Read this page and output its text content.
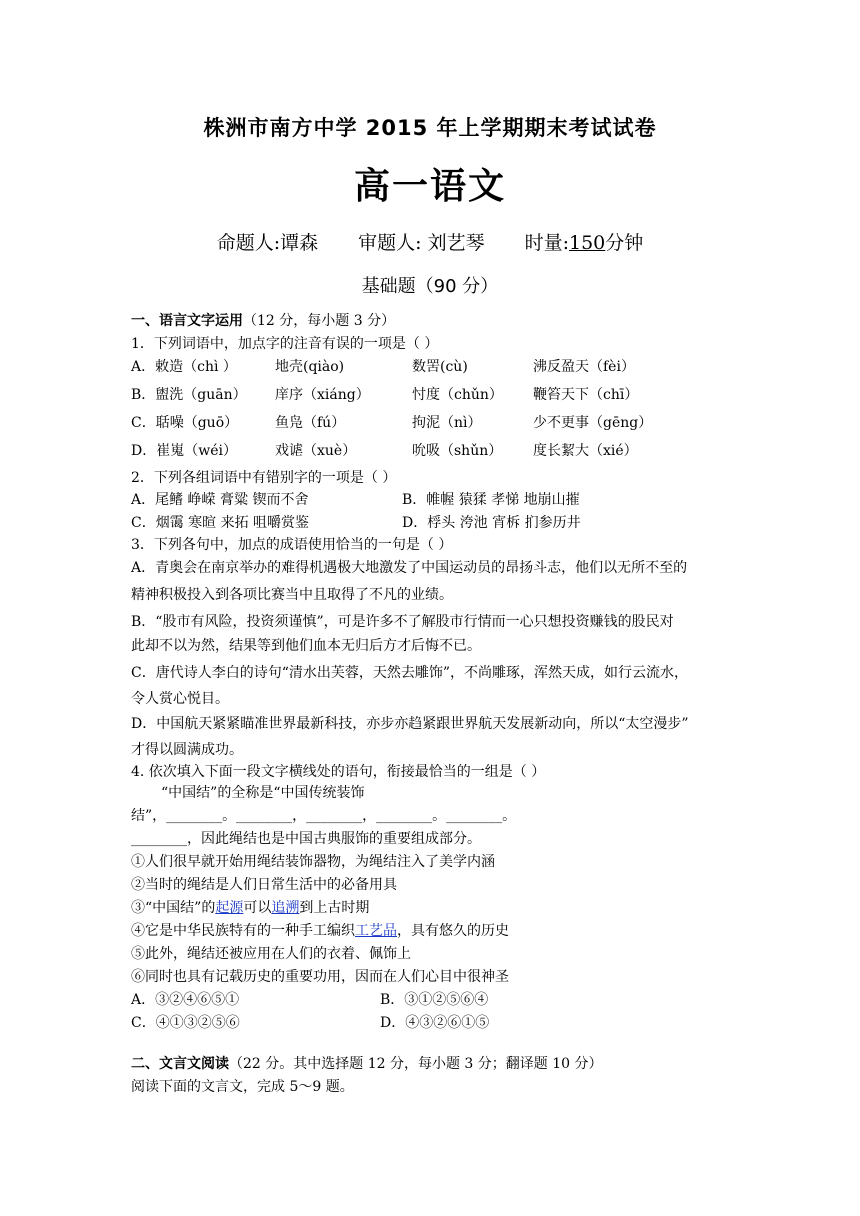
株洲市南方中学 2015 年上学期期末考试试卷
高一语文
命题人:谭森 审题人: 刘艺琴 时量:150分钟
基础题（90 分）
一、语言文字运用（12 分，每小题 3 分）
1．下列词语中，加点字的注音有误的一项是（ ）
A．敕造（chì ）	地壳(qiào)	数罟(cù)	沸反盈天（fèi）
B．盥洗（guān） 庠序（xiáng）	忖度（chǔn） 鞭笞天下（chī）
C．聒噪（guō）	鱼凫（fú）	拘泥（nì）	少不更事（gēng）
D．崔嵬（wéi）	戏谑（xuè）	吮吸（shǔn） 度长絜大（xié）
2．下列各组词语中有错别字的一项是（ ）
A．尾鳍 峥嵘 膏粱 锲而不舍	B．帷幄 猿猱 孝悌 地崩山摧
C．烟霭 寒暄 来拓 咀嚼赏鉴	D．桴头 洿池 宵柝 扪参历井
3．下列各句中，加点的成语使用恰当的一句是（ ）
A．青奥会在南京举办的难得机遇极大地激发了中国运动员的昂扬斗志，他们以无所不至的
精神积极投入到各项比赛当中且取得了不凡的业绩。
B．“股市有风险，投资须谨慎”，可是许多不了解股市行情而一心只想投资赚钱的股民对
此却不以为然，结果等到他们血本无归后方才后悔不已。
C．唐代诗人李白的诗句“清水出芙蓉，天然去雕饰”，不尚雕琢，浑然天成，如行云流水，
令人赏心悦目。
D．中国航天紧紧瞄准世界最新科技，亦步亦趋紧跟世界航天发展新动向，所以“太空漫步”
才得以圆满成功。
4. 依次填入下面一段文字横线处的语句，衔接最恰当的一组是（ ）
“中国结”的全称是“中国传统装饰
结”，________。________，________，________。________。
________，因此绳结也是中国古典服饰的重要组成部分。
①人们很早就开始用绳结装饰器物，为绳结注入了美学内涵
②当时的绳结是人们日常生活中的必备用具
③“中国结”的起源可以追溯到上古时期
④它是中华民族特有的一种手工编织工艺品，具有悠久的历史
⑤此外，绳结还被应用在人们的衣着、佩饰上
⑥同时也具有记载历史的重要功用，因而在人们心目中很神圣
A．③②④⑥⑤①	B．③①②⑤⑥④
C．④①③②⑤⑥	D．④③②⑥①⑤
二、文言文阅读（22 分。其中选择题 12 分，每小题 3 分；翻译题 10 分）
阅读下面的文言文，完成 5～9 题。
